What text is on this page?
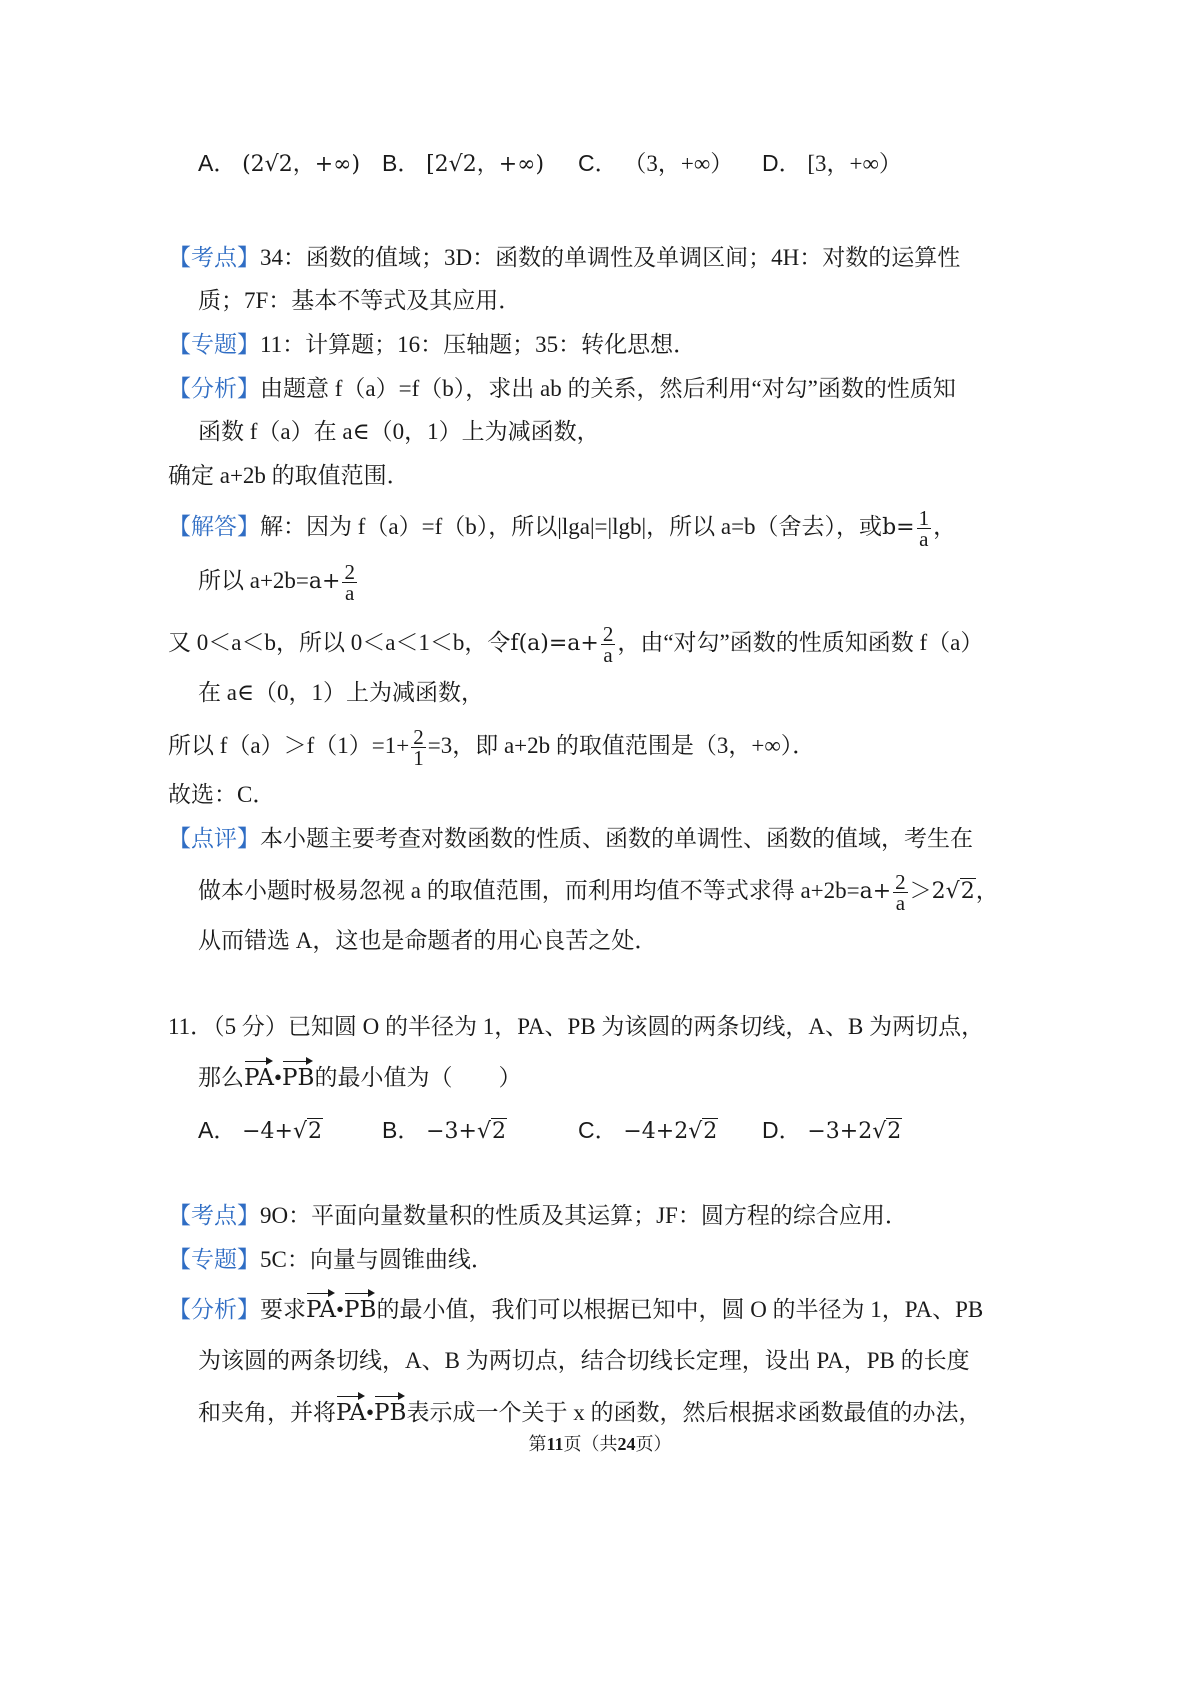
A． (2√2，+∞) B． [2√2，+∞) C． （3，+∞） D． [3，+∞）
【考点】34：函数的值域；3D：函数的单调性及单调区间；4H：对数的运算性
质；7F：基本不等式及其应用．
【专题】11：计算题；16：压轴题；35：转化思想．
【分析】由题意 f（a）=f（b），求出 ab 的关系，然后利用“对勾”函数的性质知
函数 f（a）在 a∈（0，1）上为减函数，
确定 a+2b 的取值范围．
【解答】解：因为 f（a）=f（b），所以|lga|=|lgb|，所以 a=b（舍去），或$b= \frac{1}{a}$ ，
所以 $a+2b=a+ \frac{2}{a}$
又 0＜a＜b，所以 0＜a＜1＜b，令$f(a)=a+ \frac{2}{a}$ ，由“对勾”函数的性质知函数 f（a）
在 a∈（0，1）上为减函数，
所以 $f(a)>f(1)=1+ \frac{2}{1} =3$，即 a+2b 的取值范围是（3，+∞）．
故选：C．
【点评】本小题主要考查对数函数的性质、函数的单调性、函数的值域，考生在
做本小题时极易忽视 a 的取值范围，而利用均值不等式求得 $a+2b=a+ \frac{2}{a} >2√2$，
从而错选 A，这也是命题者的用心良苦之处．
11．（5 分）已知圆 O 的半径为 1，PA、PB 为该圆的两条切线，A、B 为两切点，
那么PA•PB的最小值为（　　）
A． −4+√2	B． −3+√2	C． −4+2√2 D． −3+2√2
【考点】9O：平面向量数量积的性质及其运算；JF：圆方程的综合应用．
【专题】5C：向量与圆锥曲线．
【分析】要求PA•PB的最小值，我们可以根据已知中，圆 O 的半径为 1，PA、PB
为该圆的两条切线，A、B 为两切点，结合切线长定理，设出 PA，PB 的长度
和夹角，并将PA•PB表示成一个关于 x 的函数，然后根据求函数最值的办法，
第11页（共24页）
